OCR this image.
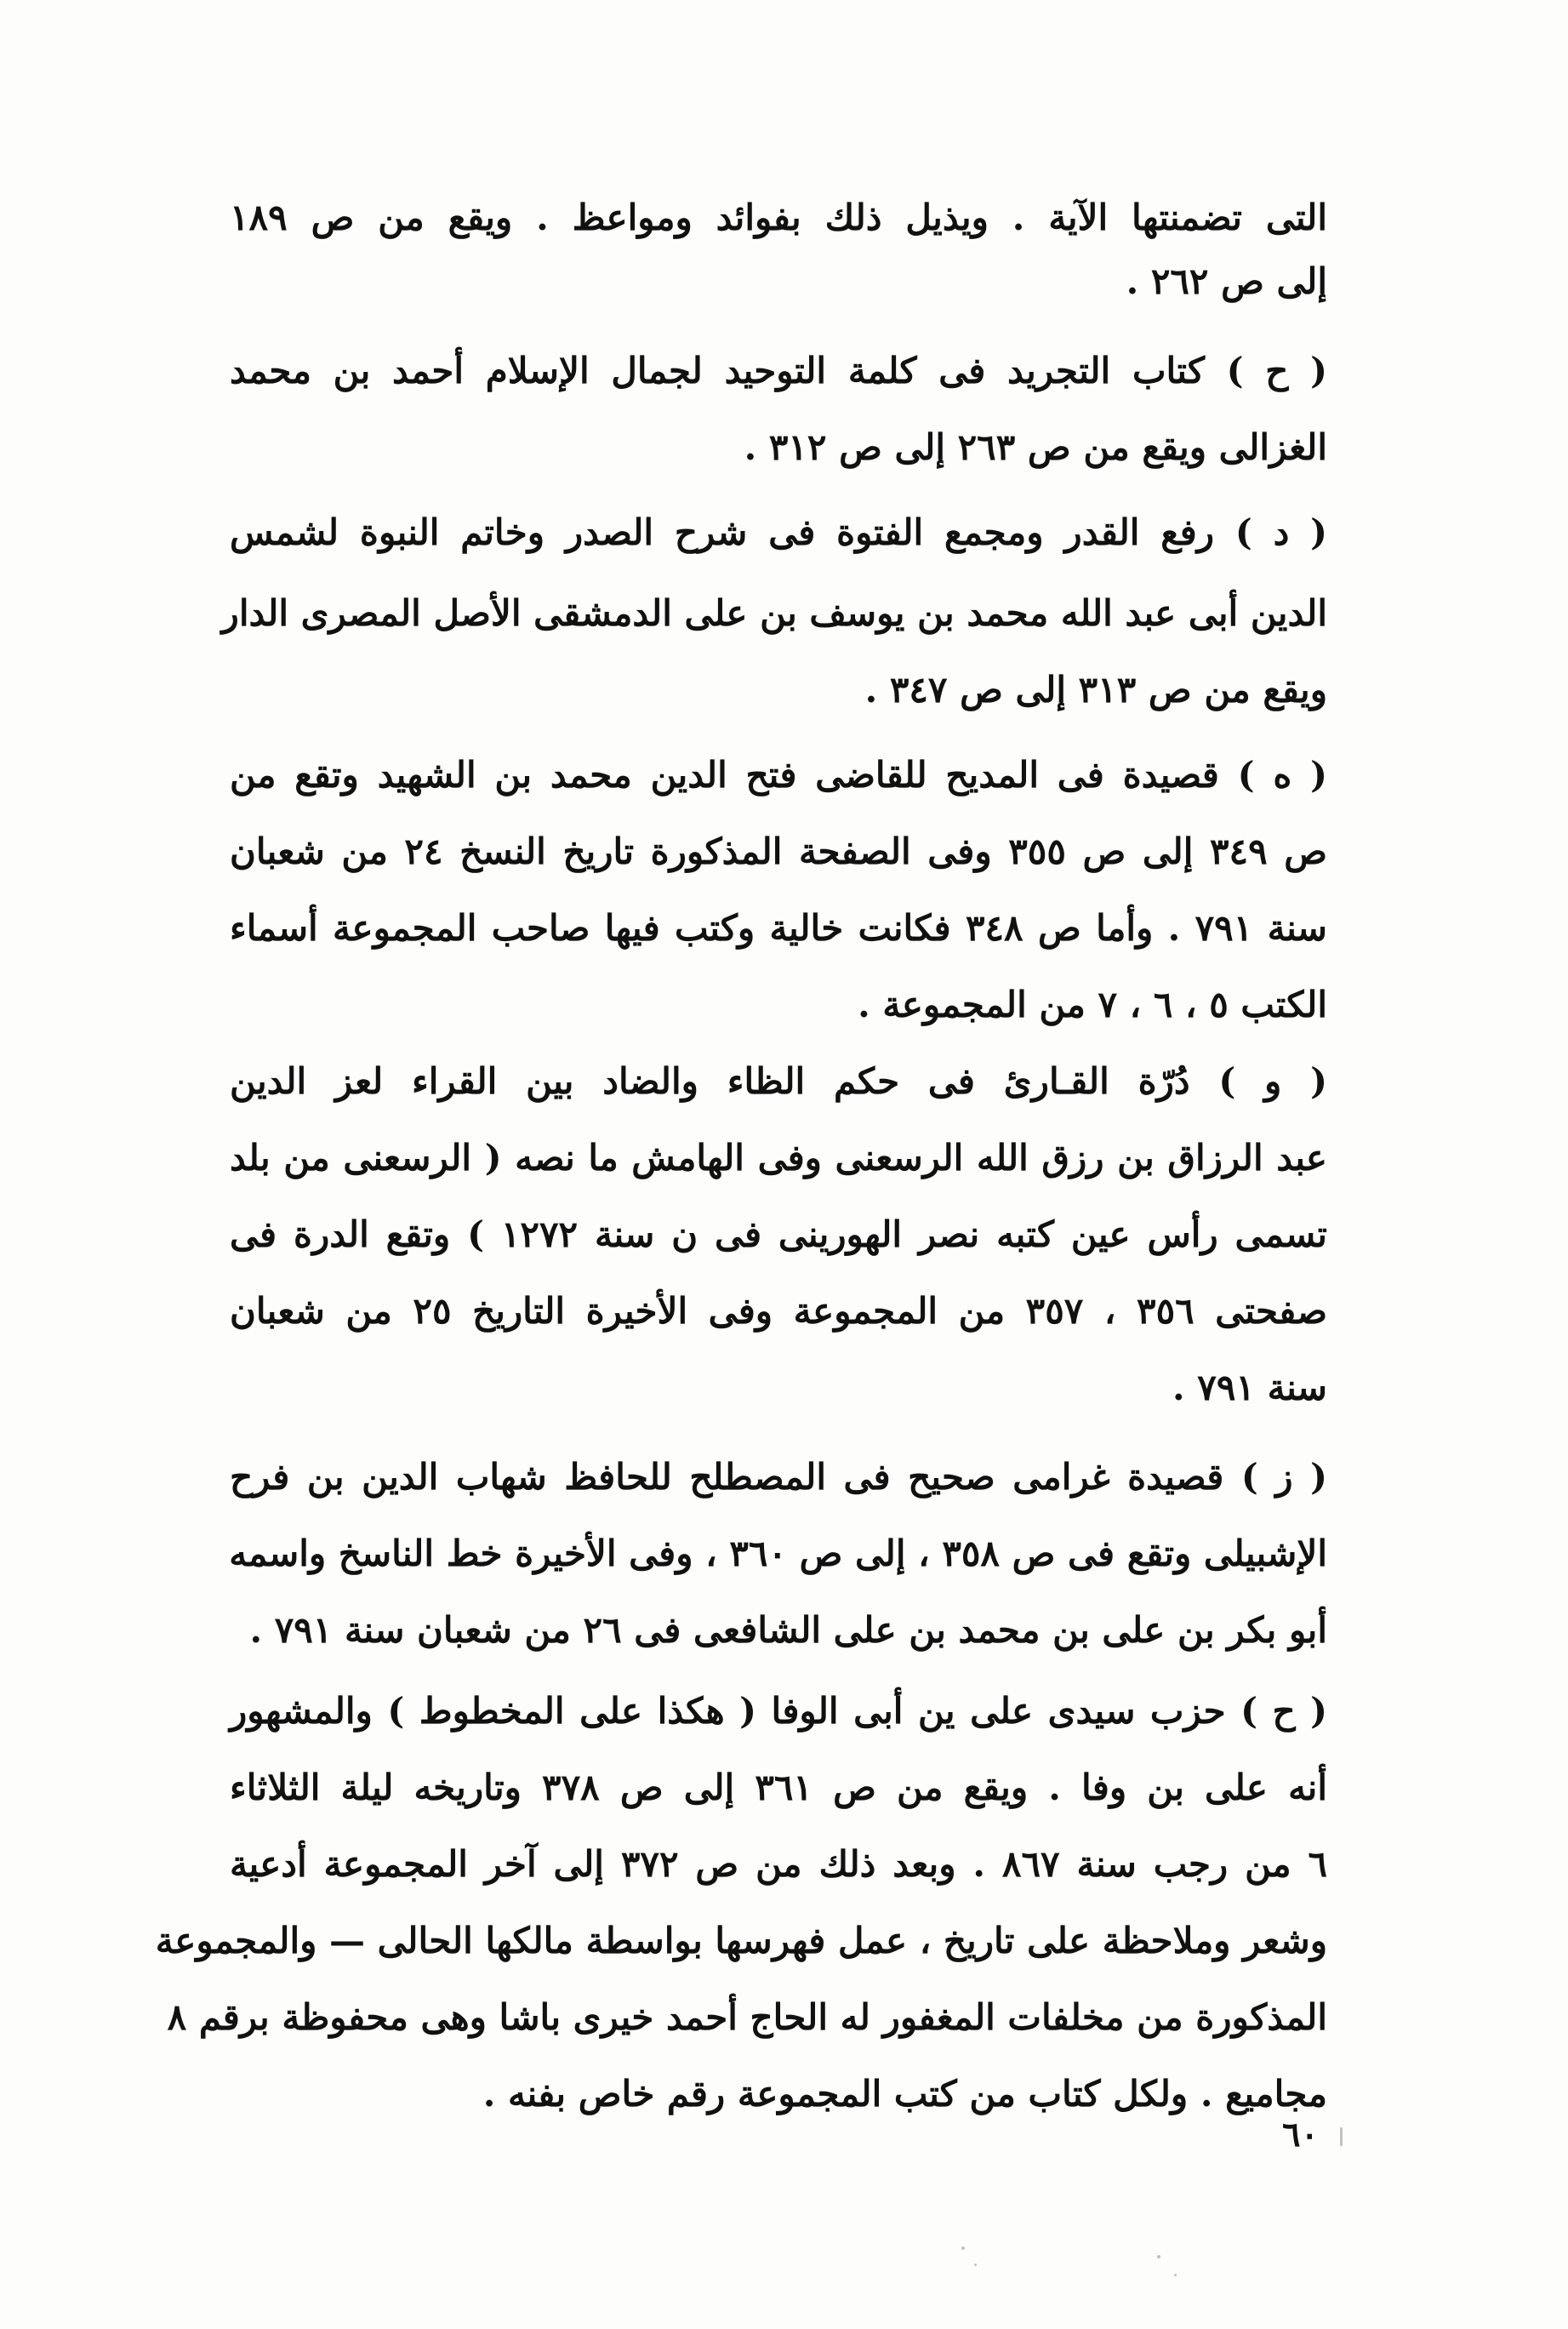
التى تضمنتها الآية . ويذيل ذلك بفوائد ومواعظ . ويقع من ص ١٨٩
إلى ص ٢٦٢ .
( ح ) كتاب التجريد فى كلمة التوحيد لجمال الإسلام أحمد بن محمد
الغزالى ويقع من ص ٢٦٣ إلى ص ٣١٢ .
( د ) رفع القدر ومجمع الفتوة فى شرح الصدر وخاتم النبوة لشمس
الدين أبى عبد الله محمد بن يوسف بن على الدمشقى الأصل المصرى الدار
ويقع من ص ٣١٣ إلى ص ٣٤٧ .
( ه ) قصيدة فى المديح للقاضى فتح الدين محمد بن الشهيد وتقع من
ص ٣٤٩ إلى ص ٣٥٥ وفى الصفحة المذكورة تاريخ النسخ ٢٤ من شعبان
سنة ٧٩١ . وأما ص ٣٤٨ فكانت خالية وكتب فيها صاحب المجموعة أسماء
الكتب ٥ ، ٦ ، ٧ من المجموعة .
( و ) دُرّة القـارئ فى حكم الظاء والضاد بين القراء لعز الدين
عبد الرزاق بن رزق الله الرسعنى وفى الهامش ما نصه ( الرسعنى من بلد
تسمى رأس عين كتبه نصر الهورينى فى ن سنة ١٢٧٢ ) وتقع الدرة فى
صفحتى ٣٥٦ ، ٣٥٧ من المجموعة وفى الأخيرة التاريخ ٢٥ من شعبان
سنة ٧٩١ .
( ز ) قصيدة غرامى صحيح فى المصطلح للحافظ شهاب الدين بن فرح
الإشبيلى وتقع فى ص ٣٥٨ ، إلى ص ٣٦٠ ، وفى الأخيرة خط الناسخ واسمه
أبو بكر بن على بن محمد بن على الشافعى فى ٢٦ من شعبان سنة ٧٩١ .
( ح ) حزب سيدى على ين أبى الوفا ( هكذا على المخطوط ) والمشهور
أنه على بن وفا . ويقع من ص ٣٦١ إلى ص ٣٧٨ وتاريخه ليلة الثلاثاء
٦ من رجب سنة ٨٦٧ . وبعد ذلك من ص ٣٧٢ إلى آخر المجموعة أدعية
وشعر وملاحظة على تاريخ ، عمل فهرسها بواسطة مالكها الحالى — والمجموعة
المذكورة من مخلفات المغفور له الحاج أحمد خيرى باشا وهى محفوظة برقم ٨
مجاميع . ولكل كتاب من كتب المجموعة رقم خاص بفنه .
٦٠
